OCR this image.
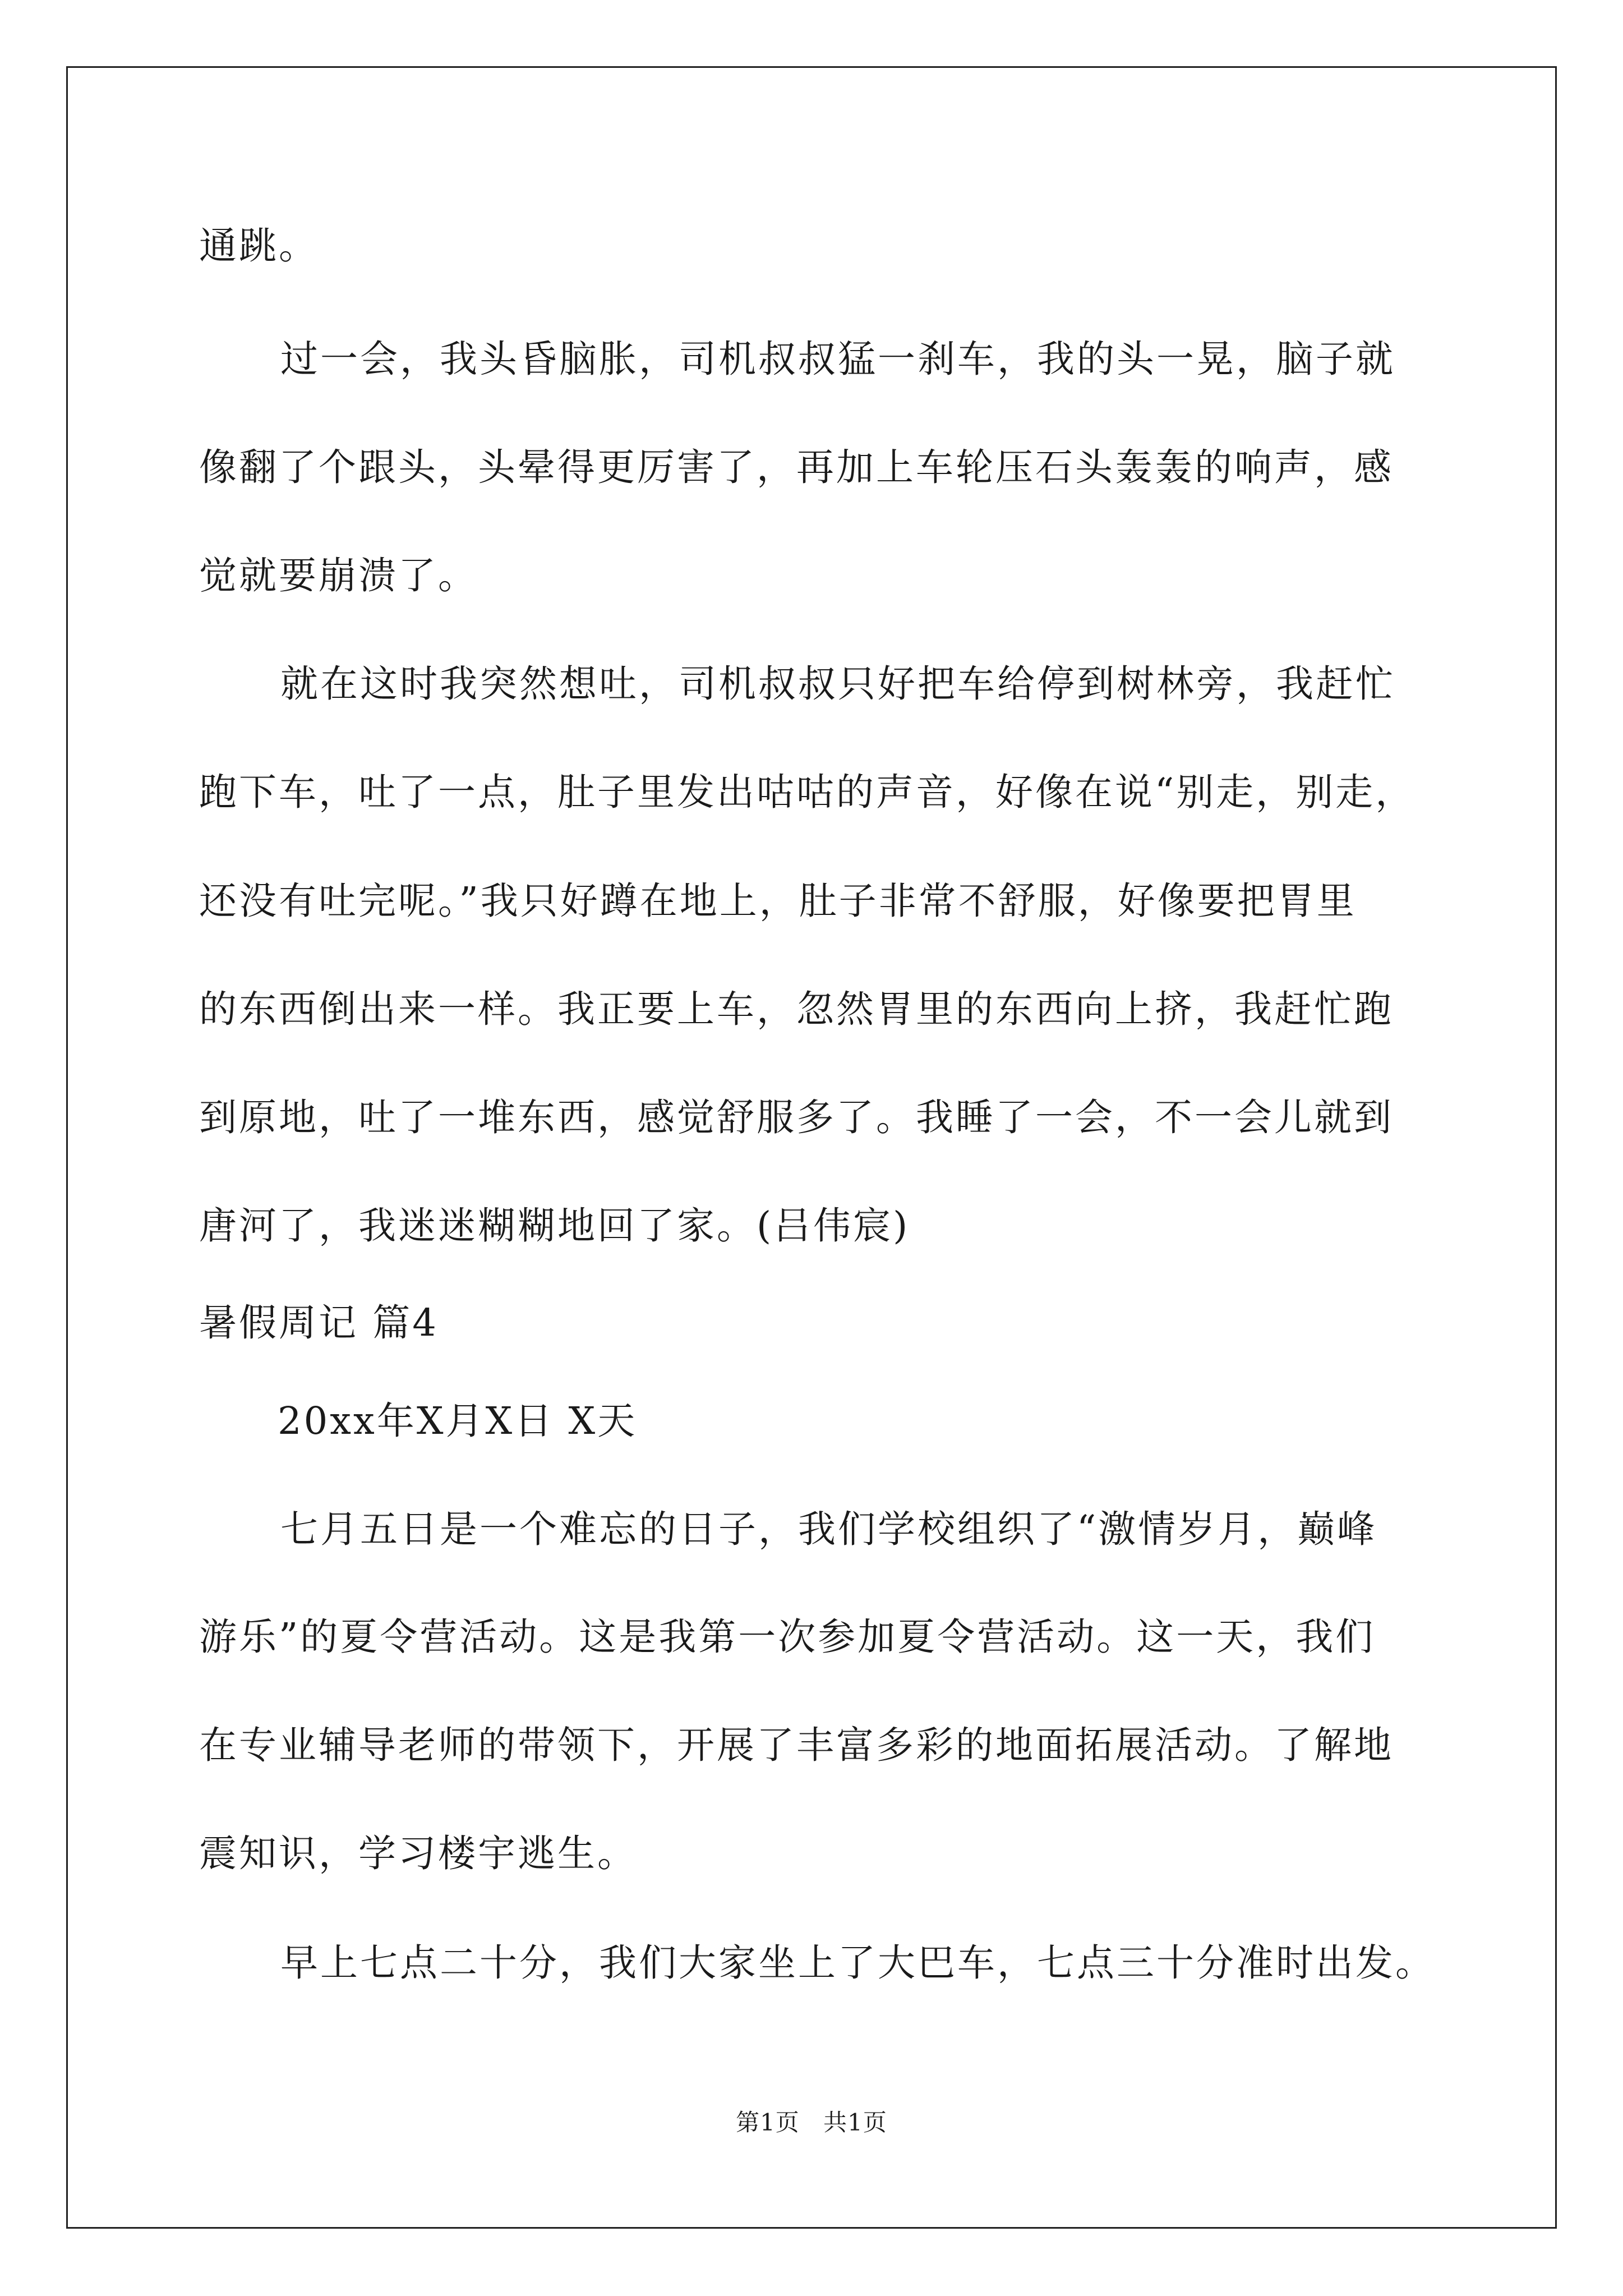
通跳。
过一会，我头昏脑胀，司机叔叔猛一刹车，我的头一晃，脑子就
像翻了个跟头，头晕得更厉害了，再加上车轮压石头轰轰的响声，感
觉就要崩溃了。
就在这时我突然想吐，司机叔叔只好把车给停到树林旁，我赶忙
跑下车，吐了一点，肚子里发出咕咕的声音，好像在说“别走，别走，
还没有吐完呢。”我只好蹲在地上，肚子非常不舒服，好像要把胃里
的东西倒出来一样。我正要上车，忽然胃里的东西向上挤，我赶忙跑
到原地，吐了一堆东西，感觉舒服多了。我睡了一会，不一会儿就到
唐河了，我迷迷糊糊地回了家。(吕伟宸)
暑假周记 篇4
20xx年X月X日 X天
七月五日是一个难忘的日子，我们学校组织了“激情岁月，巅峰
游乐”的夏令营活动。这是我第一次参加夏令营活动。这一天，我们
在专业辅导老师的带领下，开展了丰富多彩的地面拓展活动。了解地
震知识，学习楼宇逃生。
早上七点二十分，我们大家坐上了大巴车，七点三十分准时出发。
第1页 共1页
